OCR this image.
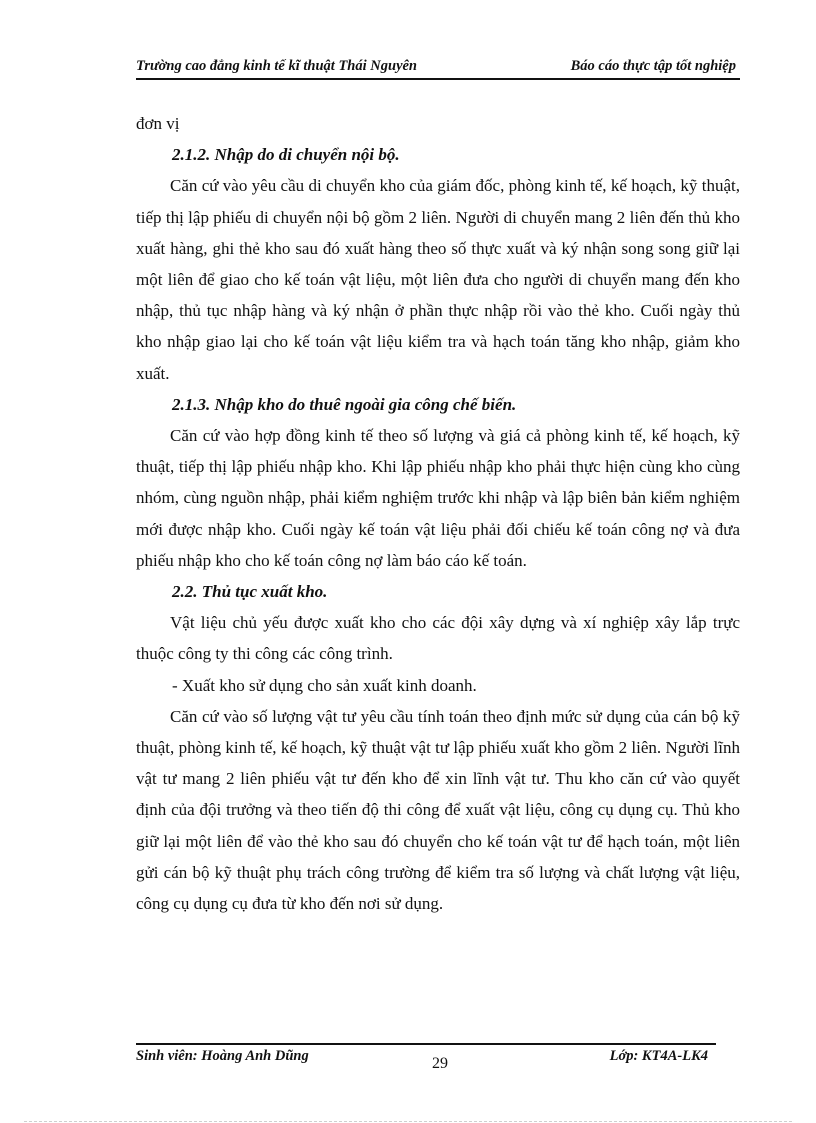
Trường cao đẳng kinh tế kĩ thuật Thái Nguyên	Báo cáo thực tập tốt nghiệp

đơn vị

2.1.2. Nhập do di chuyển nội bộ.

Căn cứ vào yêu cầu di chuyển kho của giám đốc, phòng kinh tế, kế hoạch, kỹ thuật, tiếp thị lập phiếu di chuyển nội bộ gồm 2 liên. Người di chuyển mang 2 liên đến thủ kho xuất hàng, ghi thẻ kho sau đó xuất hàng theo số thực xuất và ký nhận song song giữ lại một liên để giao cho kế toán vật liệu, một liên đưa cho người di chuyển mang đến kho nhập, thủ tục nhập hàng và ký nhận ở phần thực nhập rồi vào thẻ kho. Cuối ngày thủ kho nhập giao lại cho kế toán vật liệu kiểm tra và hạch toán tăng kho nhập, giảm kho xuất.

2.1.3. Nhập kho do thuê ngoài gia công chế biến.

Căn cứ vào hợp đồng kinh tế theo số lượng và giá cả phòng kinh tế, kế hoạch, kỹ thuật, tiếp thị lập phiếu nhập kho. Khi lập phiếu nhập kho phải thực hiện cùng kho cùng nhóm, cùng nguồn nhập, phải kiểm nghiệm trước khi nhập và lập biên bản kiểm nghiệm mới được nhập kho. Cuối ngày kế toán vật liệu phải đối chiếu kế toán công nợ và đưa phiếu nhập kho cho kế toán công nợ làm báo cáo kế toán.

2.2. Thủ tục xuất kho.

Vật liệu chủ yếu được xuất kho cho các đội xây dựng và xí nghiệp xây lắp trực thuộc công ty thi công các công trình.

- Xuất kho sử dụng cho sản xuất kinh doanh.

Căn cứ vào số lượng vật tư yêu cầu tính toán theo định mức sử dụng của cán bộ kỹ thuật, phòng kinh tế, kế hoạch, kỹ thuật vật tư lập phiếu xuất kho gồm 2 liên. Người lĩnh vật tư mang 2 liên phiếu vật tư đến kho để xin lĩnh vật tư. Thu kho căn cứ vào quyết định của đội trưởng và theo tiến độ thi công để xuất vật liệu, công cụ dụng cụ. Thủ kho giữ lại một liên để vào thẻ kho sau đó chuyển cho kế toán vật tư để hạch toán, một liên gửi cán bộ kỹ thuật phụ trách công trường để kiểm tra số lượng và chất lượng vật liệu, công cụ dụng cụ đưa từ kho đến nơi sử dụng.

Sinh viên: Hoàng Anh Dũng	29	Lớp: KT4A-LK4
